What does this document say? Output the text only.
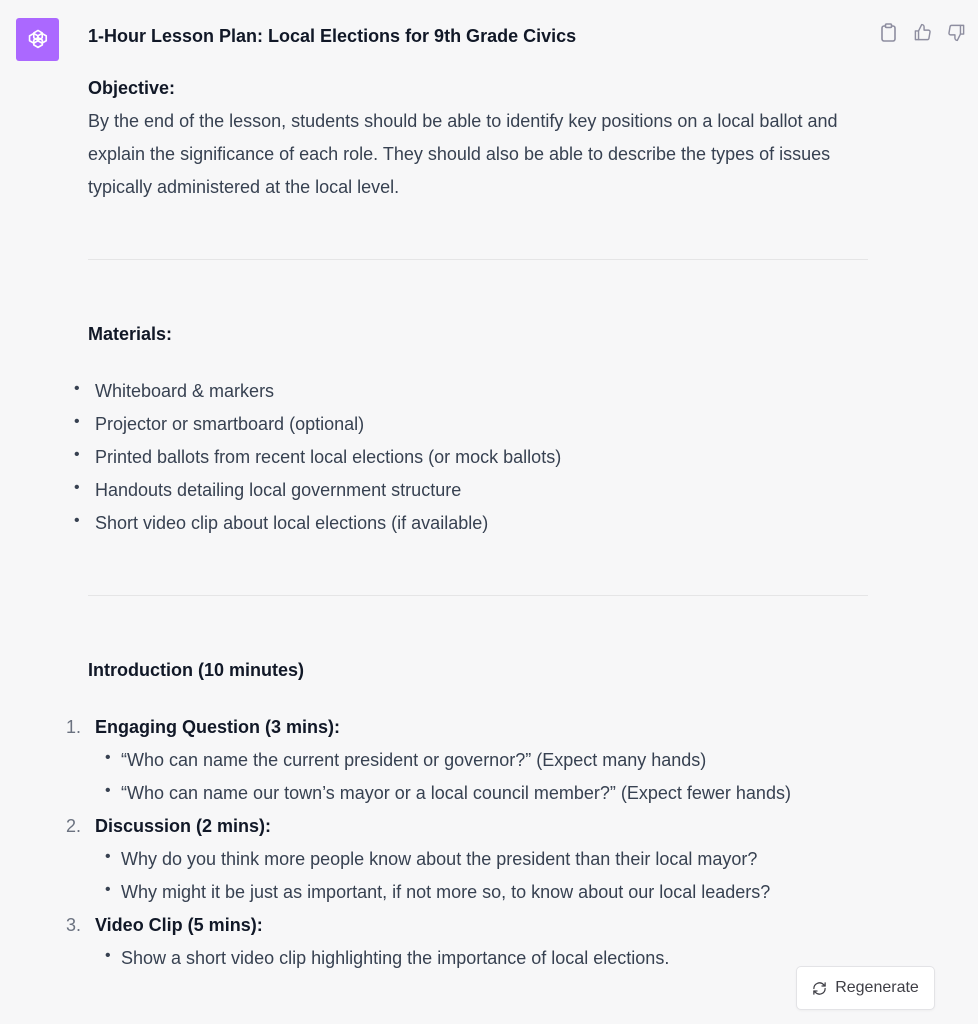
1-Hour Lesson Plan: Local Elections for 9th Grade Civics

Objective:

By the end of the lesson, students should be able to identify key positions on a local ballot and explain the significance of each role. They should also be able to describe the types of issues typically administered at the local level.

Materials:

• Whiteboard & markers
• Projector or smartboard (optional)
• Printed ballots from recent local elections (or mock ballots)
• Handouts detailing local government structure
• Short video clip about local elections (if available)

Introduction (10 minutes)

1. Engaging Question (3 mins):
• “Who can name the current president or governor?” (Expect many hands)
• “Who can name our town’s mayor or a local council member?” (Expect fewer hands)
2. Discussion (2 mins):
• Why do you think more people know about the president than their local mayor?
• Why might it be just as important, if not more so, to know about our local leaders?
3. Video Clip (5 mins):
• Show a short video clip highlighting the importance of local elections.
Regenerate
